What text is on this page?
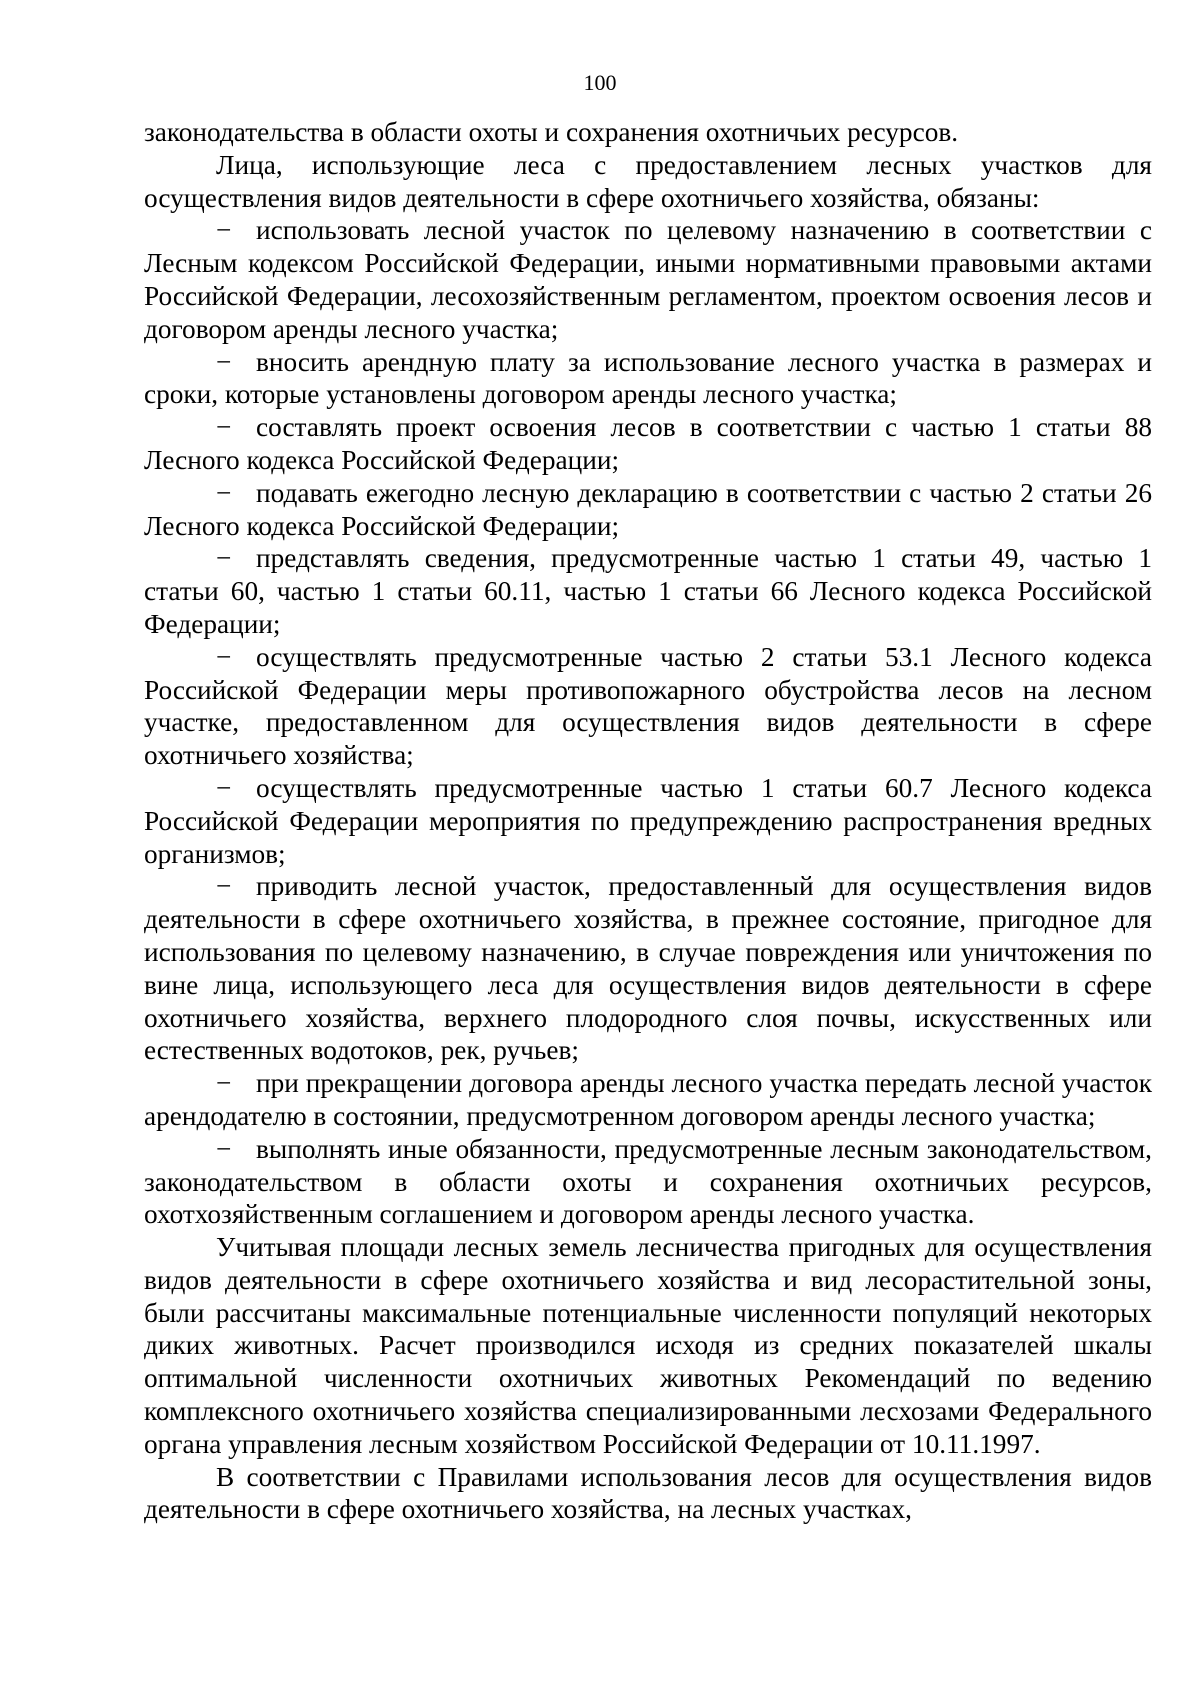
100

законодательства в области охоты и сохранения охотничьих ресурсов.

Лица, использующие леса с предоставлением лесных участков для осуществления видов деятельности в сфере охотничьего хозяйства, обязаны:

− использовать лесной участок по целевому назначению в соответствии с Лесным кодексом Российской Федерации, иными нормативными правовыми актами Российской Федерации, лесохозяйственным регламентом, проектом освоения лесов и договором аренды лесного участка;

− вносить арендную плату за использование лесного участка в размерах и сроки, которые установлены договором аренды лесного участка;

− составлять проект освоения лесов в соответствии с частью 1 статьи 88 Лесного кодекса Российской Федерации;

− подавать ежегодно лесную декларацию в соответствии с частью 2 статьи 26 Лесного кодекса Российской Федерации;

− представлять сведения, предусмотренные частью 1 статьи 49, частью 1 статьи 60, частью 1 статьи 60.11, частью 1 статьи 66 Лесного кодекса Российской Федерации;

− осуществлять предусмотренные частью 2 статьи 53.1 Лесного кодекса Российской Федерации меры противопожарного обустройства лесов на лесном участке, предоставленном для осуществления видов деятельности в сфере охотничьего хозяйства;

− осуществлять предусмотренные частью 1 статьи 60.7 Лесного кодекса Российской Федерации мероприятия по предупреждению распространения вредных организмов;

− приводить лесной участок, предоставленный для осуществления видов деятельности в сфере охотничьего хозяйства, в прежнее состояние, пригодное для использования по целевому назначению, в случае повреждения или уничтожения по вине лица, использующего леса для осуществления видов деятельности в сфере охотничьего хозяйства, верхнего плодородного слоя почвы, искусственных или естественных водотоков, рек, ручьев;

− при прекращении договора аренды лесного участка передать лесной участок арендодателю в состоянии, предусмотренном договором аренды лесного участка;

− выполнять иные обязанности, предусмотренные лесным законодательством, законодательством в области охоты и сохранения охотничьих ресурсов, охотхозяйственным соглашением и договором аренды лесного участка.

Учитывая площади лесных земель лесничества пригодных для осуществления видов деятельности в сфере охотничьего хозяйства и вид лесорастительной зоны, были рассчитаны максимальные потенциальные численности популяций некоторых диких животных. Расчет производился исходя из средних показателей шкалы оптимальной численности охотничьих животных Рекомендаций по ведению комплексного охотничьего хозяйства специализированными лесхозами Федерального органа управления лесным хозяйством Российской Федерации от 10.11.1997.

В соответствии с Правилами использования лесов для осуществления видов деятельности в сфере охотничьего хозяйства, на лесных участках,
